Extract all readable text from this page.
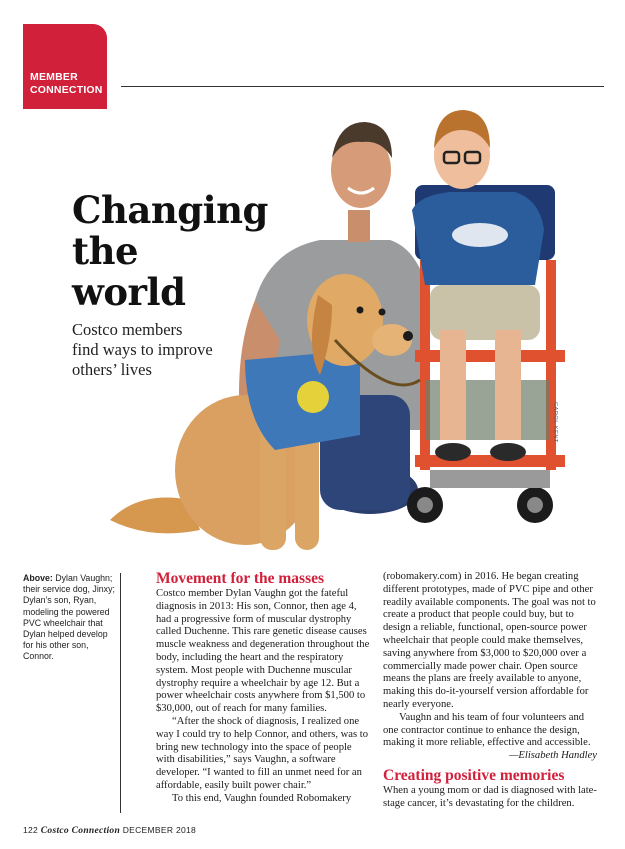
MEMBER
CONNECTION
CAROL KENT
Changing
the
world
Costco members
find ways to improve
others’ lives
Above: Dylan Vaughn; their service dog, Jinxy; Dylan’s son, Ryan, modeling the powered PVC wheelchair that Dylan helped develop for his other son, Connor.
Movement for the masses

Costco member Dylan Vaughn got the fateful diagnosis in 2013: His son, Connor, then age 4, had a progressive form of muscular dystrophy called Duchenne. This rare genetic disease causes muscle weakness and degeneration throughout the body, including the heart and the respiratory system. Most people with Duchenne muscular dystrophy require a wheelchair by age 12. But a power wheelchair costs anywhere from $1,500 to $30,000, out of reach for many families.

“After the shock of diagnosis, I realized one way I could try to help Connor, and others, was to bring new technology into the space of people with disabilities,” says Vaughn, a software developer. “I wanted to fill an unmet need for an affordable, easily built power chair.”

To this end, Vaughn founded Robomakery

(robomakery.com) in 2016. He began creating different prototypes, made of PVC pipe and other readily available components. The goal was not to create a product that people could buy, but to design a reliable, functional, open-source power wheelchair that people could make themselves, saving anywhere from $3,000 to $20,000 over a commercially made power chair. Open source means the plans are freely available to anyone, making this do-it-yourself version affordable for nearly everyone.

Vaughn and his team of four volunteers and one contractor continue to enhance the design, making it more reliable, effective and accessible.

—Elisabeth Handley

Creating positive memories

When a young mom or dad is diagnosed with late-stage cancer, it’s devastating for the children.

122 Costco Connection DECEMBER 2018
